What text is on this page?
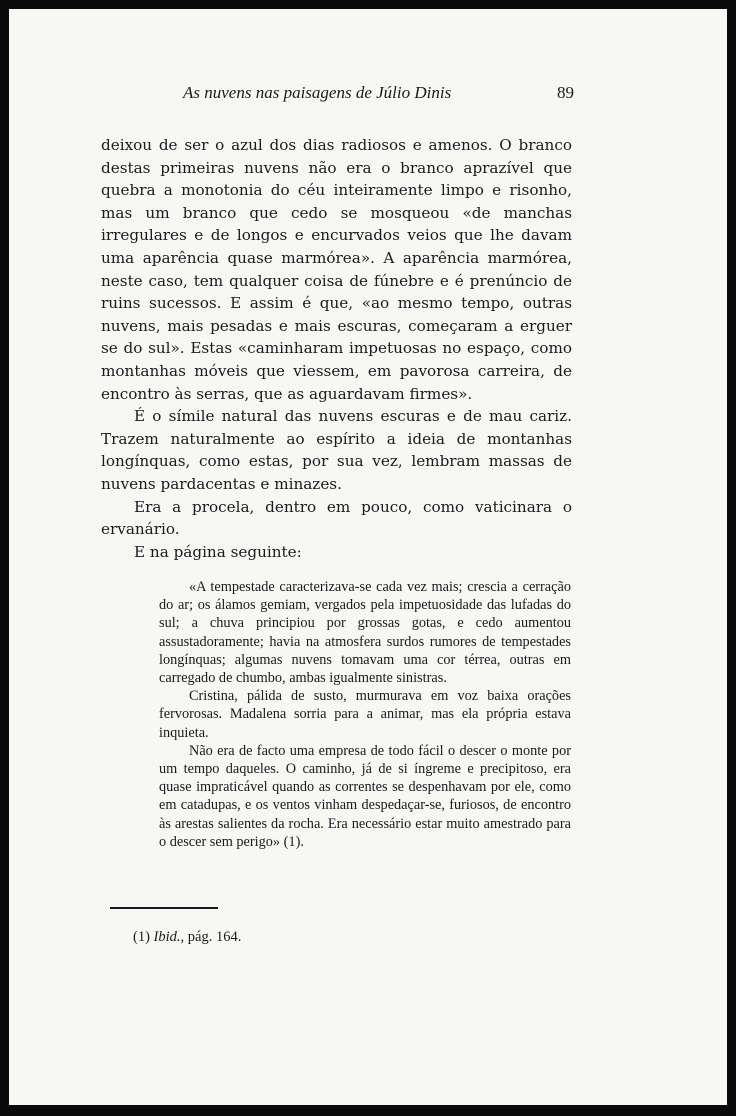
As nuvens nas paisagens de Júlio Dinis	89

deixou de ser o azul dos dias radiosos e amenos. O branco destas primeiras nuvens não era o branco aprazível que quebra a monotonia do céu inteiramente limpo e risonho, mas um branco que cedo se mosqueou «de manchas irregulares e de longos e encurvados veios que lhe davam uma aparência quase marmórea». A aparência marmórea, neste caso, tem qualquer coisa de fúnebre e é prenúncio de ruins sucessos. E assim é que, «ao mesmo tempo, outras nuvens, mais pesadas e mais escuras, começaram a erguer se do sul». Estas «caminharam impetuosas no espaço, como montanhas móveis que viessem, em pavorosa carreira, de encontro às serras, que as aguardavam firmes».

É o símile natural das nuvens escuras e de mau cariz. Trazem naturalmente ao espírito a ideia de montanhas longínquas, como estas, por sua vez, lembram massas de nuvens pardacentas e minazes.

Era a procela, dentro em pouco, como vaticinara o ervanário.

E na página seguinte:

«A tempestade caracterizava-se cada vez mais; crescia a cerração do ar; os álamos gemiam, vergados pela impetuosidade das lufadas do sul; a chuva principiou por grossas gotas, e cedo aumentou assustadoramente; havia na atmosfera surdos rumores de tempestades longínquas; algumas nuvens tomavam uma cor térrea, outras em carregado de chumbo, ambas igualmente sinistras.

Cristina, pálida de susto, murmurava em voz baixa orações fervorosas. Madalena sorria para a animar, mas ela própria estava inquieta.

Não era de facto uma empresa de todo fácil o descer o monte por um tempo daqueles. O caminho, já de si íngreme e precipitoso, era quase impraticável quando as correntes se despenhavam por ele, como em catadupas, e os ventos vinham despedaçar-se, furiosos, de encontro às arestas salientes da rocha. Era necessário estar muito amestrado para o descer sem perigo» (1).

(1) Ibid., pág. 164.
